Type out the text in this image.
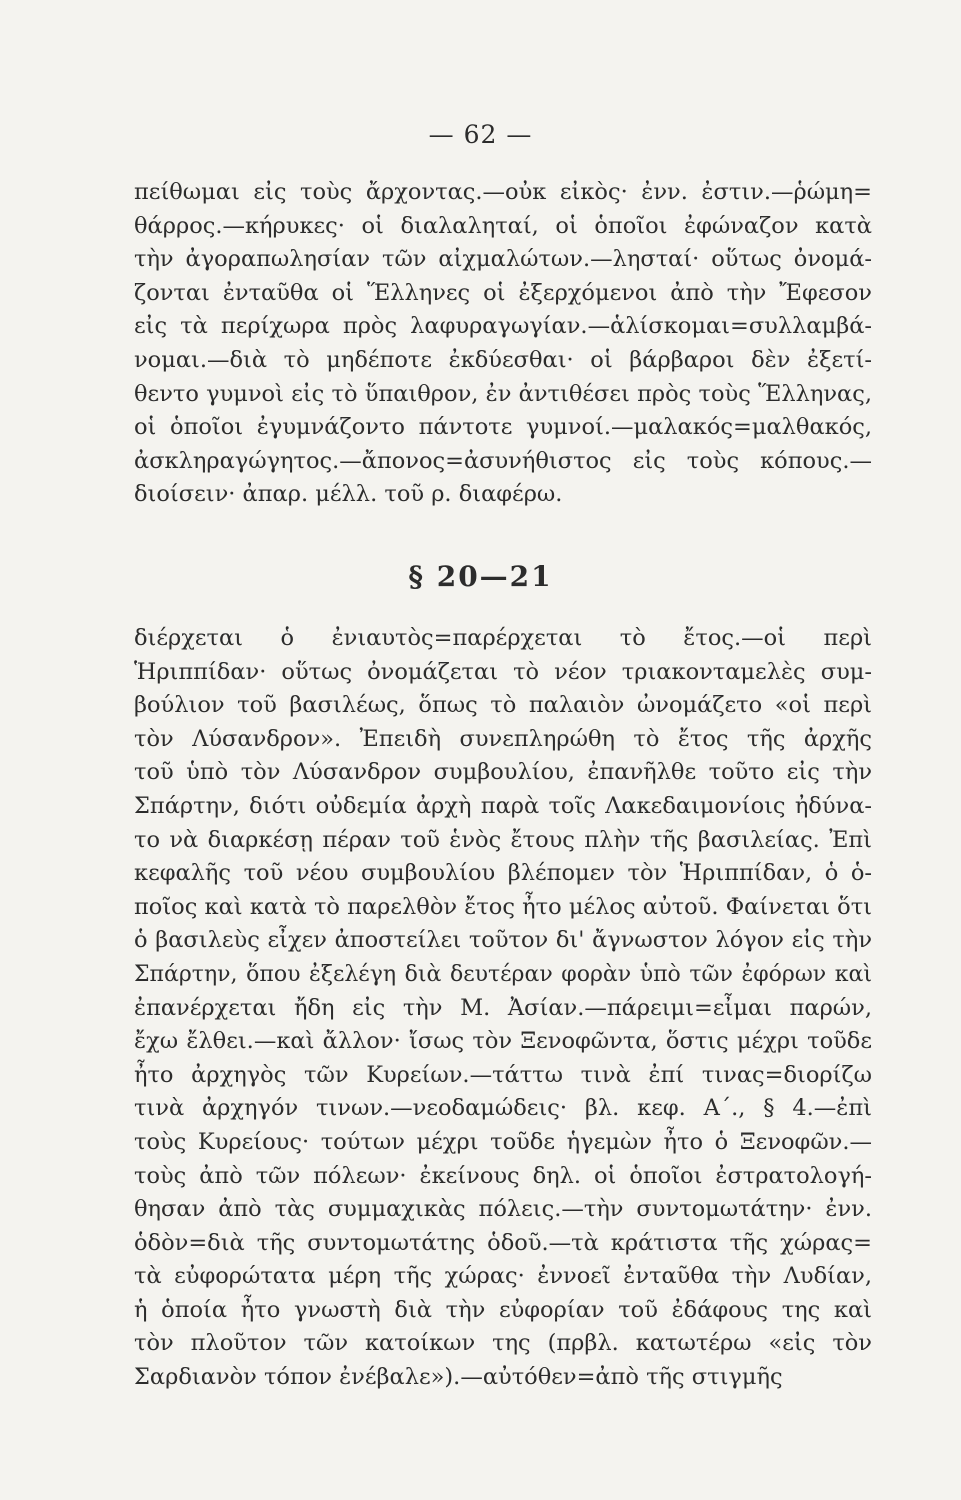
— 62 —
πείθωμαι εἰς τοὺς ἄρχοντας.—οὐκ εἰκὸς· ἐνν. ἐστιν.—ῥώμη=
θάρρος.—κήρυκες· οἱ διαλαληταί, οἱ ὁποῖοι ἐφώναζον κατὰ
τὴν ἀγοραπωλησίαν τῶν αἰχμαλώτων.—λησταί· οὕτως ὀνομά-
ζονται ἐνταῦθα οἱ Ἕλληνες οἱ ἐξερχόμενοι ἀπὸ τὴν Ἔφεσον
εἰς τὰ περίχωρα πρὸς λαφυραγωγίαν.—ἁλίσκομαι=συλλαμβά-
νομαι.—διὰ τὸ μηδέποτε ἐκδύεσθαι· οἱ βάρβαροι δὲν ἐξετί-
θεντο γυμνοὶ εἰς τὸ ὕπαιθρον, ἐν ἀντιθέσει πρὸς τοὺς Ἕλληνας,
οἱ ὁποῖοι ἐγυμνάζοντο πάντοτε γυμνοί.—μαλακός=μαλθακός,
ἀσκληραγώγητος.—ἄπονος=ἀσυνήθιστος εἰς τοὺς κόπους.—
διοίσειν· ἀπαρ. μέλλ. τοῦ ρ. διαφέρω.
§ 20—21
διέρχεται ὁ ἐνιαυτὸς=παρέρχεται τὸ ἔτος.—οἱ περὶ
Ἡριππίδαν· οὕτως ὀνομάζεται τὸ νέον τριακονταμελὲς συμ-
βούλιον τοῦ βασιλέως, ὅπως τὸ παλαιὸν ὠνομάζετο «οἱ περὶ
τὸν Λύσανδρον». Ἐπειδὴ συνεπληρώθη τὸ ἔτος τῆς ἀρχῆς
τοῦ ὑπὸ τὸν Λύσανδρον συμβουλίου, ἐπανῆλθε τοῦτο εἰς τὴν
Σπάρτην, διότι οὐδεμία ἀρχὴ παρὰ τοῖς Λακεδαιμονίοις ἠδύνα-
το νὰ διαρκέσῃ πέραν τοῦ ἑνὸς ἔτους πλὴν τῆς βασιλείας. Ἐπὶ
κεφαλῆς τοῦ νέου συμβουλίου βλέπομεν τὸν Ἡριππίδαν, ὁ ὁ-
ποῖος καὶ κατὰ τὸ παρελθὸν ἔτος ἦτο μέλος αὐτοῦ. Φαίνεται ὅτι
ὁ βασιλεὺς εἶχεν ἀποστείλει τοῦτον δι' ἄγνωστον λόγον εἰς τὴν
Σπάρτην, ὅπου ἐξελέγη διὰ δευτέραν φορὰν ὑπὸ τῶν ἐφόρων καὶ
ἐπανέρχεται ἤδη εἰς τὴν Μ. Ἀσίαν.—πάρειμι=εἶμαι παρών,
ἔχω ἔλθει.—καὶ ἄλλον· ἴσως τὸν Ξενοφῶντα, ὅστις μέχρι τοῦδε
ἦτο ἀρχηγὸς τῶν Κυρείων.—τάττω τινὰ ἐπί τινας=διορίζω
τινὰ ἀρχηγόν τινων.—νεοδαμώδεις· βλ. κεφ. Α΄., § 4.—ἐπὶ
τοὺς Κυρείους· τούτων μέχρι τοῦδε ἡγεμὼν ἦτο ὁ Ξενοφῶν.—
τοὺς ἀπὸ τῶν πόλεων· ἐκείνους δηλ. οἱ ὁποῖοι ἐστρατολογή-
θησαν ἀπὸ τὰς συμμαχικὰς πόλεις.—τὴν συντομωτάτην· ἐνν.
ὁδὸν=διὰ τῆς συντομωτάτης ὁδοῦ.—τὰ κράτιστα τῆς χώρας=
τὰ εὐφορώτατα μέρη τῆς χώρας· ἐννοεῖ ἐνταῦθα τὴν Λυδίαν,
ἡ ὁποία ἦτο γνωστὴ διὰ τὴν εὐφορίαν τοῦ ἐδάφους της καὶ
τὸν πλοῦτον τῶν κατοίκων της (πρβλ. κατωτέρω «εἰς τὸν
Σαρδιανὸν τόπον ἐνέβαλε»).—αὐτόθεν=ἀπὸ τῆς στιγμῆς
